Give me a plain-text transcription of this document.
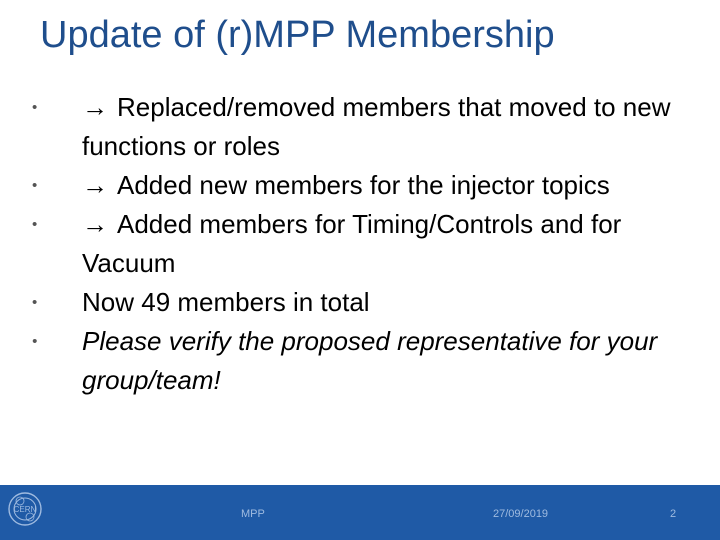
Update of (r)MPP Membership
• → Replaced/removed members that moved to new functions or roles
• → Added new members for the injector topics
• → Added members for Timing/Controls and for Vacuum
• Now 49 members in total
• Please verify the proposed representative for your group/team!
CERN	MPP	27/09/2019	2
